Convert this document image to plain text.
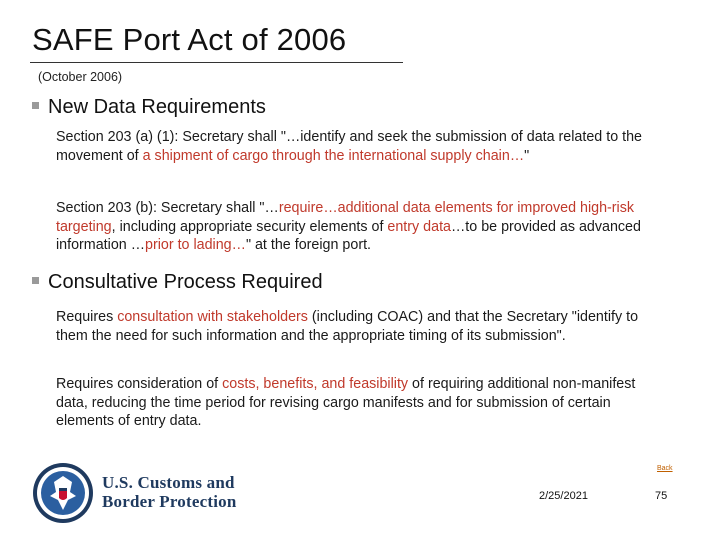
SAFE Port Act of 2006
(October 2006)
New Data Requirements
Section 203 (a) (1): Secretary shall "…identify and seek the submission of data related to the movement of a shipment of cargo through the international supply chain…"
Section 203 (b): Secretary shall "…require…additional data elements for improved high-risk targeting, including appropriate security elements of entry data…to be provided as advanced information …prior to lading…" at the foreign port.
Consultative Process Required
Requires consultation with stakeholders (including COAC) and that the Secretary "identify to them the need for such information and the appropriate timing of its submission".
Requires consideration of costs, benefits, and feasibility of requiring additional non-manifest data, reducing the time period for revising cargo manifests and for submission of certain elements of entry data.
U.S. Customs and
Border Protection
Back
2/25/2021	75
